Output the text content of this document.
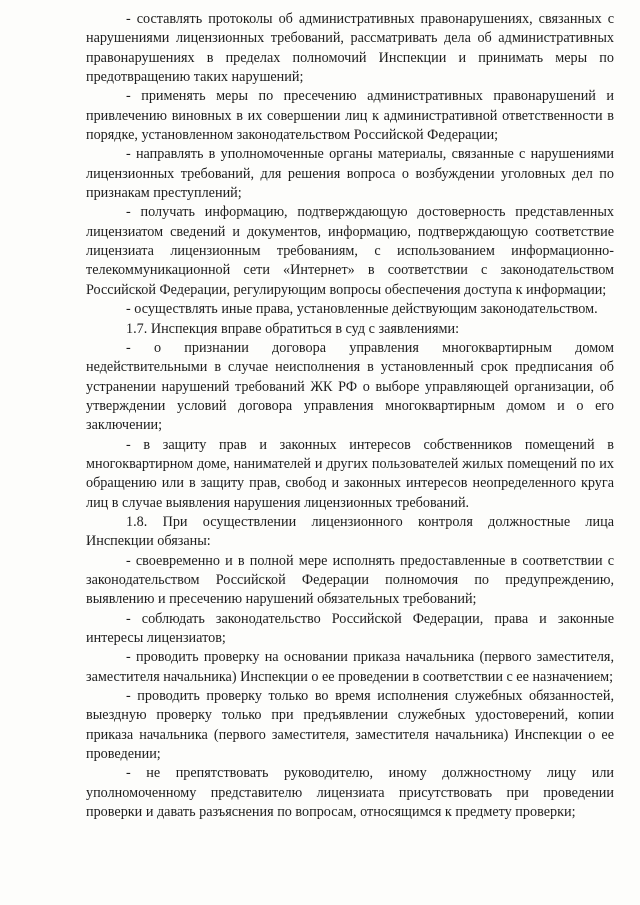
- составлять протоколы об административных правонарушениях, связанных с нарушениями лицензионных требований, рассматривать дела об административных правонарушениях в пределах полномочий Инспекции и принимать меры по предотвращению таких нарушений;

- применять меры по пресечению административных правонарушений и привлечению виновных в их совершении лиц к административной ответственности в порядке, установленном законодательством Российской Федерации;

- направлять в уполномоченные органы материалы, связанные с нарушениями лицензионных требований, для решения вопроса о возбуждении уголовных дел по признакам преступлений;

- получать информацию, подтверждающую достоверность представленных лицензиатом сведений и документов, информацию, подтверждающую соответствие лицензиата лицензионным требованиям, с использованием информационно-телекоммуникационной сети «Интернет» в соответствии с законодательством Российской Федерации, регулирующим вопросы обеспечения доступа к информации;

- осуществлять иные права, установленные действующим законодательством.

1.7. Инспекция вправе обратиться в суд с заявлениями:

- о признании договора управления многоквартирным домом недействительными в случае неисполнения в установленный срок предписания об устранении нарушений требований ЖК РФ о выборе управляющей организации, об утверждении условий договора управления многоквартирным домом и о его заключении;

- в защиту прав и законных интересов собственников помещений в многоквартирном доме, нанимателей и других пользователей жилых помещений по их обращению или в защиту прав, свобод и законных интересов неопределенного круга лиц в случае выявления нарушения лицензионных требований.

1.8. При осуществлении лицензионного контроля должностные лица Инспекции обязаны:

- своевременно и в полной мере исполнять предоставленные в соответствии с законодательством Российской Федерации полномочия по предупреждению, выявлению и пресечению нарушений обязательных требований;

- соблюдать законодательство Российской Федерации, права и законные интересы лицензиатов;

- проводить проверку на основании приказа начальника (первого заместителя, заместителя начальника) Инспекции о ее проведении в соответствии с ее назначением;

- проводить проверку только во время исполнения служебных обязанностей, выездную проверку только при предъявлении служебных удостоверений, копии приказа начальника (первого заместителя, заместителя начальника) Инспекции о ее проведении;

- не препятствовать руководителю, иному должностному лицу или уполномоченному представителю лицензиата присутствовать при проведении проверки и давать разъяснения по вопросам, относящимся к предмету проверки;
